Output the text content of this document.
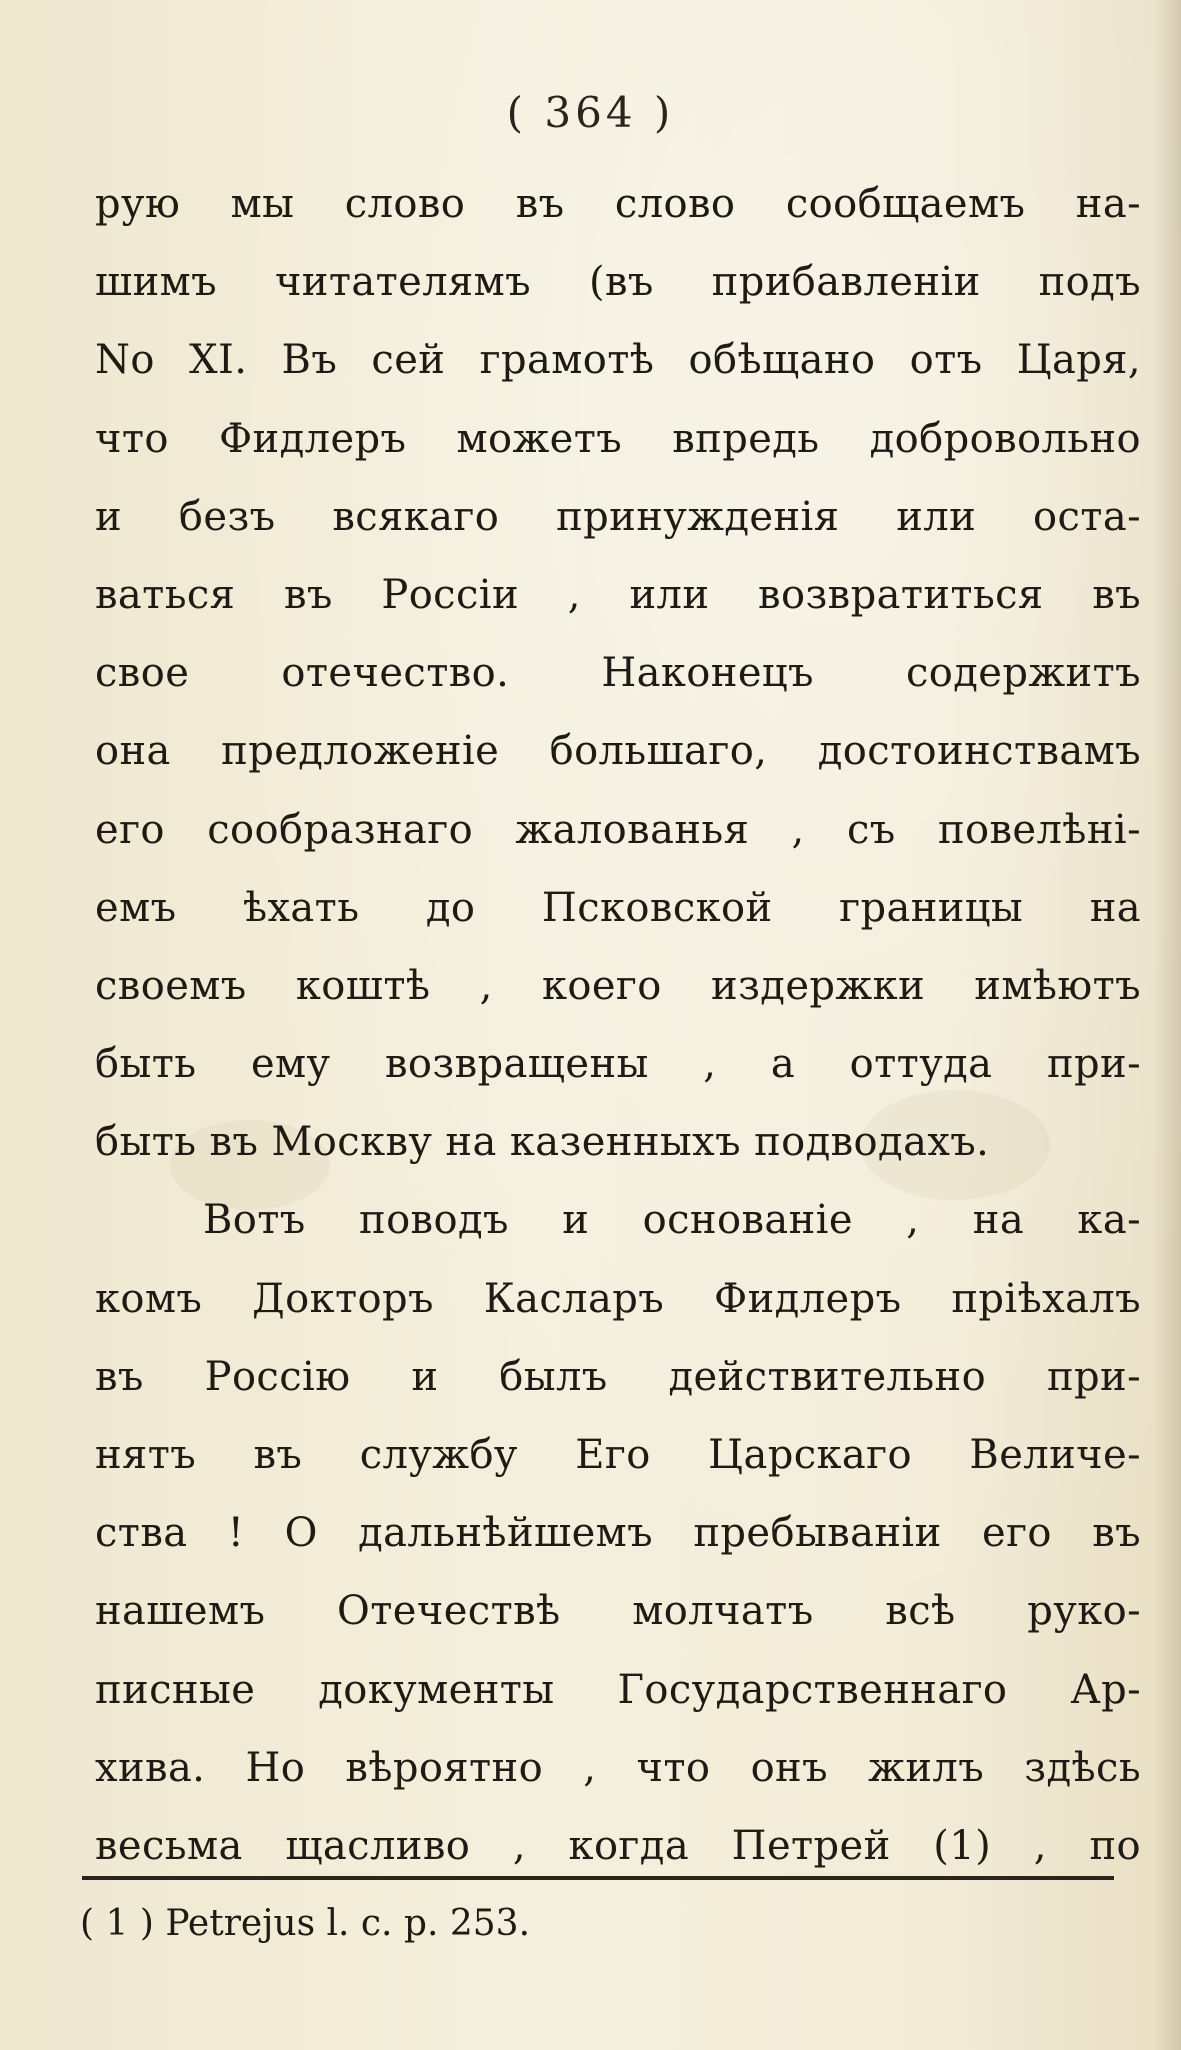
( 364 )
рую мы слово въ слово сообщаемъ на-
шимъ читателямъ (въ прибавленіи подъ
No XI. Въ сей грамотѣ обѣщано отъ Царя,
что Фидлеръ можетъ впредь добровольно
и безъ всякаго принужденія или оста-
ваться въ Россіи , или возвратиться въ
свое отечество. Наконецъ содержитъ
она предложеніе большаго, достоинствамъ
его сообразнаго жалованья , съ повелѣні-
емъ ѣхать до Псковской границы на
своемъ коштѣ , коего издержки имѣютъ
быть ему возвращены , а оттуда при-
быть въ Москву на казенныхъ подводахъ.
Вотъ поводъ и основаніе , на ка-
комъ Докторъ Касларъ Фидлеръ пріѣхалъ
въ Россію и былъ действительно при-
нятъ въ службу Его Царскаго Величе-
ства ! О дальнѣйшемъ пребываніи его въ
нашемъ Отечествѣ молчатъ всѣ руко-
писные документы Государственнаго Ар-
хива. Но вѣроятно , что онъ жилъ здѣсь
весьма щасливо , когда Петрей (1) , по
( 1 ) Petrejus l. c. p. 253.
